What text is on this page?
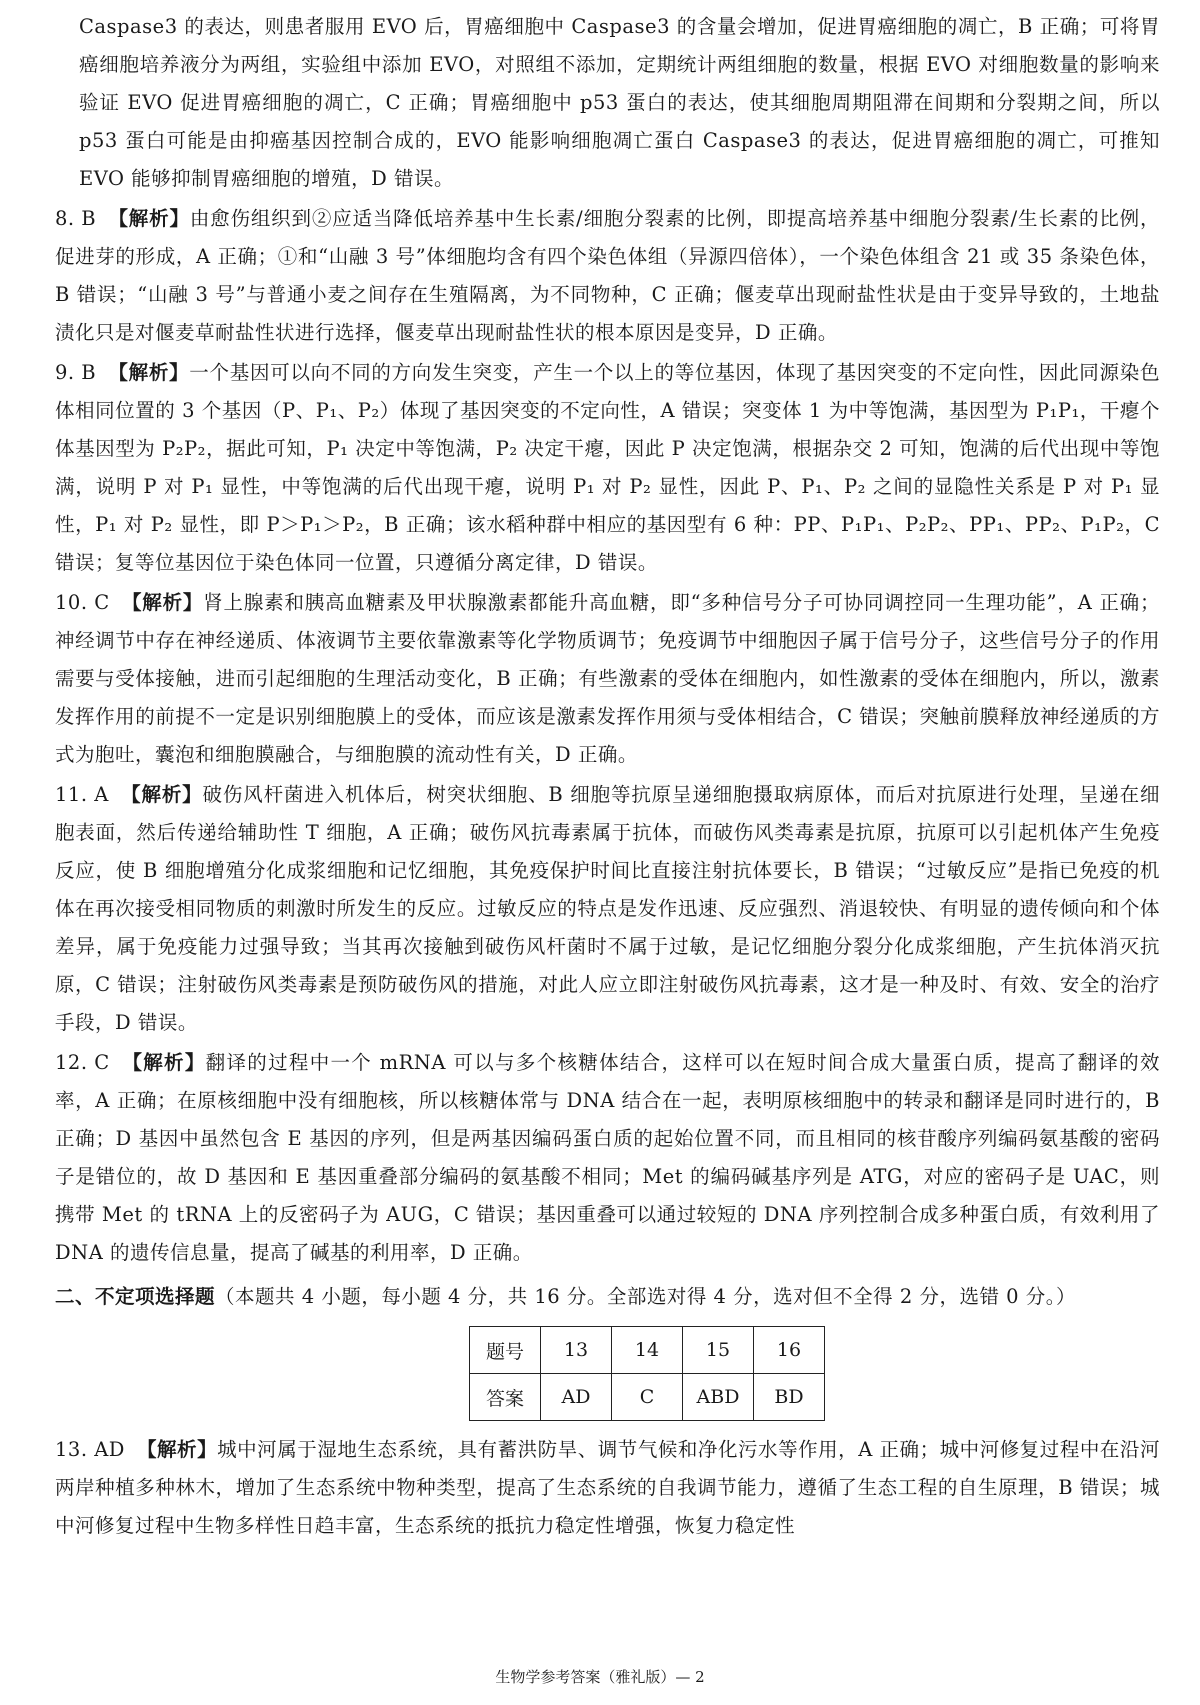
Caspase3 的表达，则患者服用 EVO 后，胃癌细胞中 Caspase3 的含量会增加，促进胃癌细胞的凋亡，B 正确；可将胃癌细胞培养液分为两组，实验组中添加 EVO，对照组不添加，定期统计两组细胞的数量，根据 EVO 对细胞数量的影响来验证 EVO 促进胃癌细胞的凋亡，C 正确；胃癌细胞中 p53 蛋白的表达，使其细胞周期阻滞在间期和分裂期之间，所以 p53 蛋白可能是由抑癌基因控制合成的，EVO 能影响细胞凋亡蛋白 Caspase3 的表达，促进胃癌细胞的凋亡，可推知 EVO 能够抑制胃癌细胞的增殖，D 错误。

8. B 【解析】由愈伤组织到②应适当降低培养基中生长素/细胞分裂素的比例，即提高培养基中细胞分裂素/生长素的比例，促进芽的形成，A 正确；①和“山融 3 号”体细胞均含有四个染色体组（异源四倍体），一个染色体组含 21 或 35 条染色体，B 错误；“山融 3 号”与普通小麦之间存在生殖隔离，为不同物种，C 正确；偃麦草出现耐盐性状是由于变异导致的，土地盐渍化只是对偃麦草耐盐性状进行选择，偃麦草出现耐盐性状的根本原因是变异，D 正确。

9. B 【解析】一个基因可以向不同的方向发生突变，产生一个以上的等位基因，体现了基因突变的不定向性，因此同源染色体相同位置的 3 个基因（P、P₁、P₂）体现了基因突变的不定向性，A 错误；突变体 1 为中等饱满，基因型为 P₁P₁，干瘪个体基因型为 P₂P₂，据此可知，P₁ 决定中等饱满，P₂ 决定干瘪，因此 P 决定饱满，根据杂交 2 可知，饱满的后代出现中等饱满，说明 P 对 P₁ 显性，中等饱满的后代出现干瘪，说明 P₁ 对 P₂ 显性，因此 P、P₁、P₂ 之间的显隐性关系是 P 对 P₁ 显性，P₁ 对 P₂ 显性，即 P＞P₁＞P₂，B 正确；该水稻种群中相应的基因型有 6 种：PP、P₁P₁、P₂P₂、PP₁、PP₂、P₁P₂，C 错误；复等位基因位于染色体同一位置，只遵循分离定律，D 错误。

10. C 【解析】肾上腺素和胰高血糖素及甲状腺激素都能升高血糖，即“多种信号分子可协同调控同一生理功能”，A 正确；神经调节中存在神经递质、体液调节主要依靠激素等化学物质调节；免疫调节中细胞因子属于信号分子，这些信号分子的作用需要与受体接触，进而引起细胞的生理活动变化，B 正确；有些激素的受体在细胞内，如性激素的受体在细胞内，所以，激素发挥作用的前提不一定是识别细胞膜上的受体，而应该是激素发挥作用须与受体相结合，C 错误；突触前膜释放神经递质的方式为胞吐，囊泡和细胞膜融合，与细胞膜的流动性有关，D 正确。

11. A 【解析】破伤风杆菌进入机体后，树突状细胞、B 细胞等抗原呈递细胞摄取病原体，而后对抗原进行处理，呈递在细胞表面，然后传递给辅助性 T 细胞，A 正确；破伤风抗毒素属于抗体，而破伤风类毒素是抗原，抗原可以引起机体产生免疫反应，使 B 细胞增殖分化成浆细胞和记忆细胞，其免疫保护时间比直接注射抗体要长，B 错误；“过敏反应”是指已免疫的机体在再次接受相同物质的刺激时所发生的反应。过敏反应的特点是发作迅速、反应强烈、消退较快、有明显的遗传倾向和个体差异，属于免疫能力过强导致；当其再次接触到破伤风杆菌时不属于过敏，是记忆细胞分裂分化成浆细胞，产生抗体消灭抗原，C 错误；注射破伤风类毒素是预防破伤风的措施，对此人应立即注射破伤风抗毒素，这才是一种及时、有效、安全的治疗手段，D 错误。

12. C 【解析】翻译的过程中一个 mRNA 可以与多个核糖体结合，这样可以在短时间合成大量蛋白质，提高了翻译的效率，A 正确；在原核细胞中没有细胞核，所以核糖体常与 DNA 结合在一起，表明原核细胞中的转录和翻译是同时进行的，B 正确；D 基因中虽然包含 E 基因的序列，但是两基因编码蛋白质的起始位置不同，而且相同的核苷酸序列编码氨基酸的密码子是错位的，故 D 基因和 E 基因重叠部分编码的氨基酸不相同；Met 的编码碱基序列是 ATG，对应的密码子是 UAC，则携带 Met 的 tRNA 上的反密码子为 AUG，C 错误；基因重叠可以通过较短的 DNA 序列控制合成多种蛋白质，有效利用了 DNA 的遗传信息量，提高了碱基的利用率，D 正确。

二、不定项选择题（本题共 4 小题，每小题 4 分，共 16 分。全部选对得 4 分，选对但不全得 2 分，选错 0 分。）
题号	13	14	15	16
答案	AD	C	ABD	BD

13. AD 【解析】城中河属于湿地生态系统，具有蓄洪防旱、调节气候和净化污水等作用，A 正确；城中河修复过程中在沿河两岸种植多种林木，增加了生态系统中物种类型，提高了生态系统的自我调节能力，遵循了生态工程的自生原理，B 错误；城中河修复过程中生物多样性日趋丰富，生态系统的抵抗力稳定性增强，恢复力稳定性

生物学参考答案（雅礼版）— 2
